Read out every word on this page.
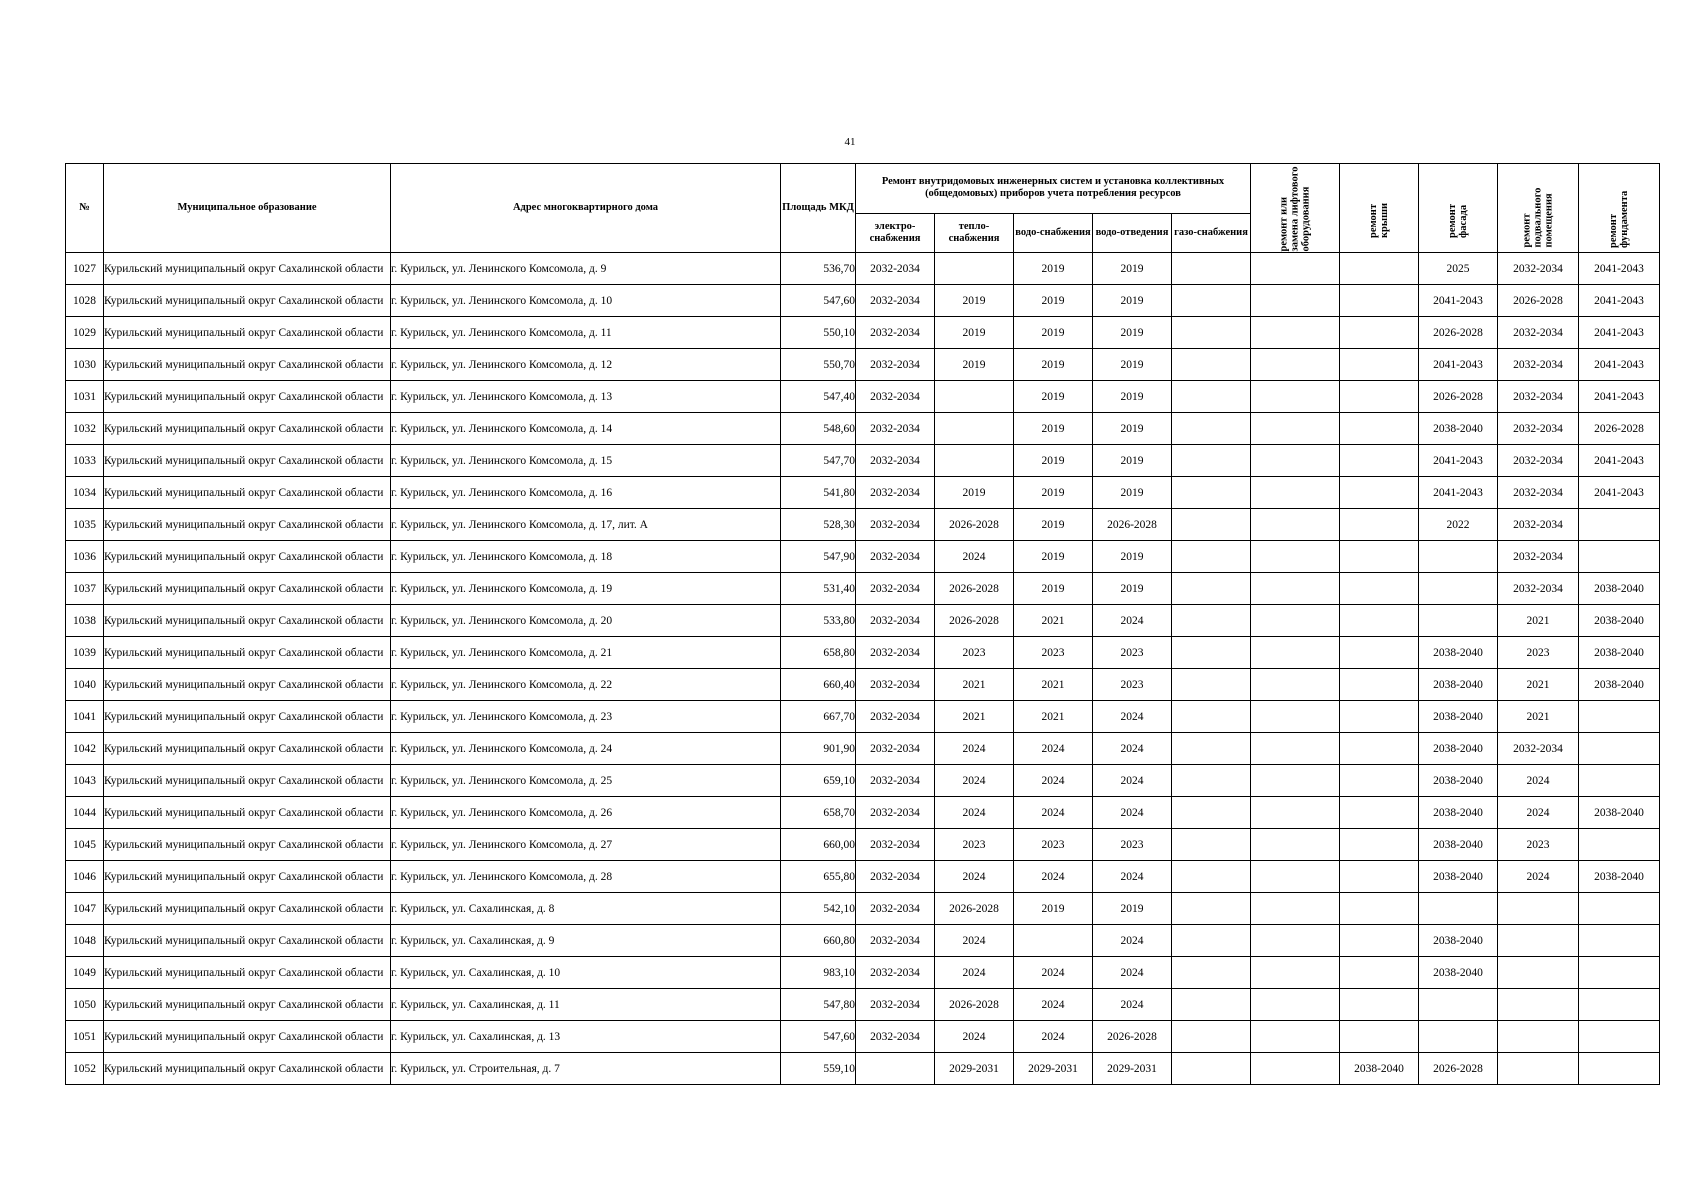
41
№	Муниципальное образование	Адрес многоквартирного дома	Площадь МКД	Ремонт внутридомовых инженерных систем и установка коллективных (общедомовых) приборов учета потребления ресурсов					ремонт или замена лифтового оборудования	ремонт крыши	ремонт фасада	ремонт подвального помещения	ремонт фундамента
				электро-снабжения	тепло-снабжения	водо-снабжения	водо-отведения	газо-снабжения					
1027	Курильский муниципальный округ Сахалинской области	г. Курильск, ул. Ленинского Комсомола, д. 9	536,70	2032-2034		2019	2019				2025	2032-2034	2041-2043
1028	Курильский муниципальный округ Сахалинской области	г. Курильск, ул. Ленинского Комсомола, д. 10	547,60	2032-2034	2019	2019	2019				2041-2043	2026-2028	2041-2043
1029	Курильский муниципальный округ Сахалинской области	г. Курильск, ул. Ленинского Комсомола, д. 11	550,10	2032-2034	2019	2019	2019				2026-2028	2032-2034	2041-2043
1030	Курильский муниципальный округ Сахалинской области	г. Курильск, ул. Ленинского Комсомола, д. 12	550,70	2032-2034	2019	2019	2019				2041-2043	2032-2034	2041-2043
1031	Курильский муниципальный округ Сахалинской области	г. Курильск, ул. Ленинского Комсомола, д. 13	547,40	2032-2034		2019	2019				2026-2028	2032-2034	2041-2043
1032	Курильский муниципальный округ Сахалинской области	г. Курильск, ул. Ленинского Комсомола, д. 14	548,60	2032-2034		2019	2019				2038-2040	2032-2034	2026-2028
1033	Курильский муниципальный округ Сахалинской области	г. Курильск, ул. Ленинского Комсомола, д. 15	547,70	2032-2034		2019	2019				2041-2043	2032-2034	2041-2043
1034	Курильский муниципальный округ Сахалинской области	г. Курильск, ул. Ленинского Комсомола, д. 16	541,80	2032-2034	2019	2019	2019				2041-2043	2032-2034	2041-2043
1035	Курильский муниципальный округ Сахалинской области	г. Курильск, ул. Ленинского Комсомола, д. 17, лит. А	528,30	2032-2034	2026-2028	2019	2026-2028				2022	2032-2034	
1036	Курильский муниципальный округ Сахалинской области	г. Курильск, ул. Ленинского Комсомола, д. 18	547,90	2032-2034	2024	2019	2019					2032-2034	
1037	Курильский муниципальный округ Сахалинской области	г. Курильск, ул. Ленинского Комсомола, д. 19	531,40	2032-2034	2026-2028	2019	2019					2032-2034	2038-2040
1038	Курильский муниципальный округ Сахалинской области	г. Курильск, ул. Ленинского Комсомола, д. 20	533,80	2032-2034	2026-2028	2021	2024					2021	2038-2040
1039	Курильский муниципальный округ Сахалинской области	г. Курильск, ул. Ленинского Комсомола, д. 21	658,80	2032-2034	2023	2023	2023				2038-2040	2023	2038-2040
1040	Курильский муниципальный округ Сахалинской области	г. Курильск, ул. Ленинского Комсомола, д. 22	660,40	2032-2034	2021	2021	2023				2038-2040	2021	2038-2040
1041	Курильский муниципальный округ Сахалинской области	г. Курильск, ул. Ленинского Комсомола, д. 23	667,70	2032-2034	2021	2021	2024				2038-2040	2021	
1042	Курильский муниципальный округ Сахалинской области	г. Курильск, ул. Ленинского Комсомола, д. 24	901,90	2032-2034	2024	2024	2024				2038-2040	2032-2034	
1043	Курильский муниципальный округ Сахалинской области	г. Курильск, ул. Ленинского Комсомола, д. 25	659,10	2032-2034	2024	2024	2024				2038-2040	2024	
1044	Курильский муниципальный округ Сахалинской области	г. Курильск, ул. Ленинского Комсомола, д. 26	658,70	2032-2034	2024	2024	2024				2038-2040	2024	2038-2040
1045	Курильский муниципальный округ Сахалинской области	г. Курильск, ул. Ленинского Комсомола, д. 27	660,00	2032-2034	2023	2023	2023				2038-2040	2023	
1046	Курильский муниципальный округ Сахалинской области	г. Курильск, ул. Ленинского Комсомола, д. 28	655,80	2032-2034	2024	2024	2024				2038-2040	2024	2038-2040
1047	Курильский муниципальный округ Сахалинской области	г. Курильск, ул. Сахалинская, д. 8	542,10	2032-2034	2026-2028	2019	2019						
1048	Курильский муниципальный округ Сахалинской области	г. Курильск, ул. Сахалинская, д. 9	660,80	2032-2034	2024		2024				2038-2040		
1049	Курильский муниципальный округ Сахалинской области	г. Курильск, ул. Сахалинская, д. 10	983,10	2032-2034	2024	2024	2024				2038-2040		
1050	Курильский муниципальный округ Сахалинской области	г. Курильск, ул. Сахалинская, д. 11	547,80	2032-2034	2026-2028	2024	2024						
1051	Курильский муниципальный округ Сахалинской области	г. Курильск, ул. Сахалинская, д. 13	547,60	2032-2034	2024	2024	2026-2028						
1052	Курильский муниципальный округ Сахалинской области	г. Курильск, ул. Строительная, д. 7	559,10		2029-2031	2029-2031	2029-2031			2038-2040	2026-2028		
